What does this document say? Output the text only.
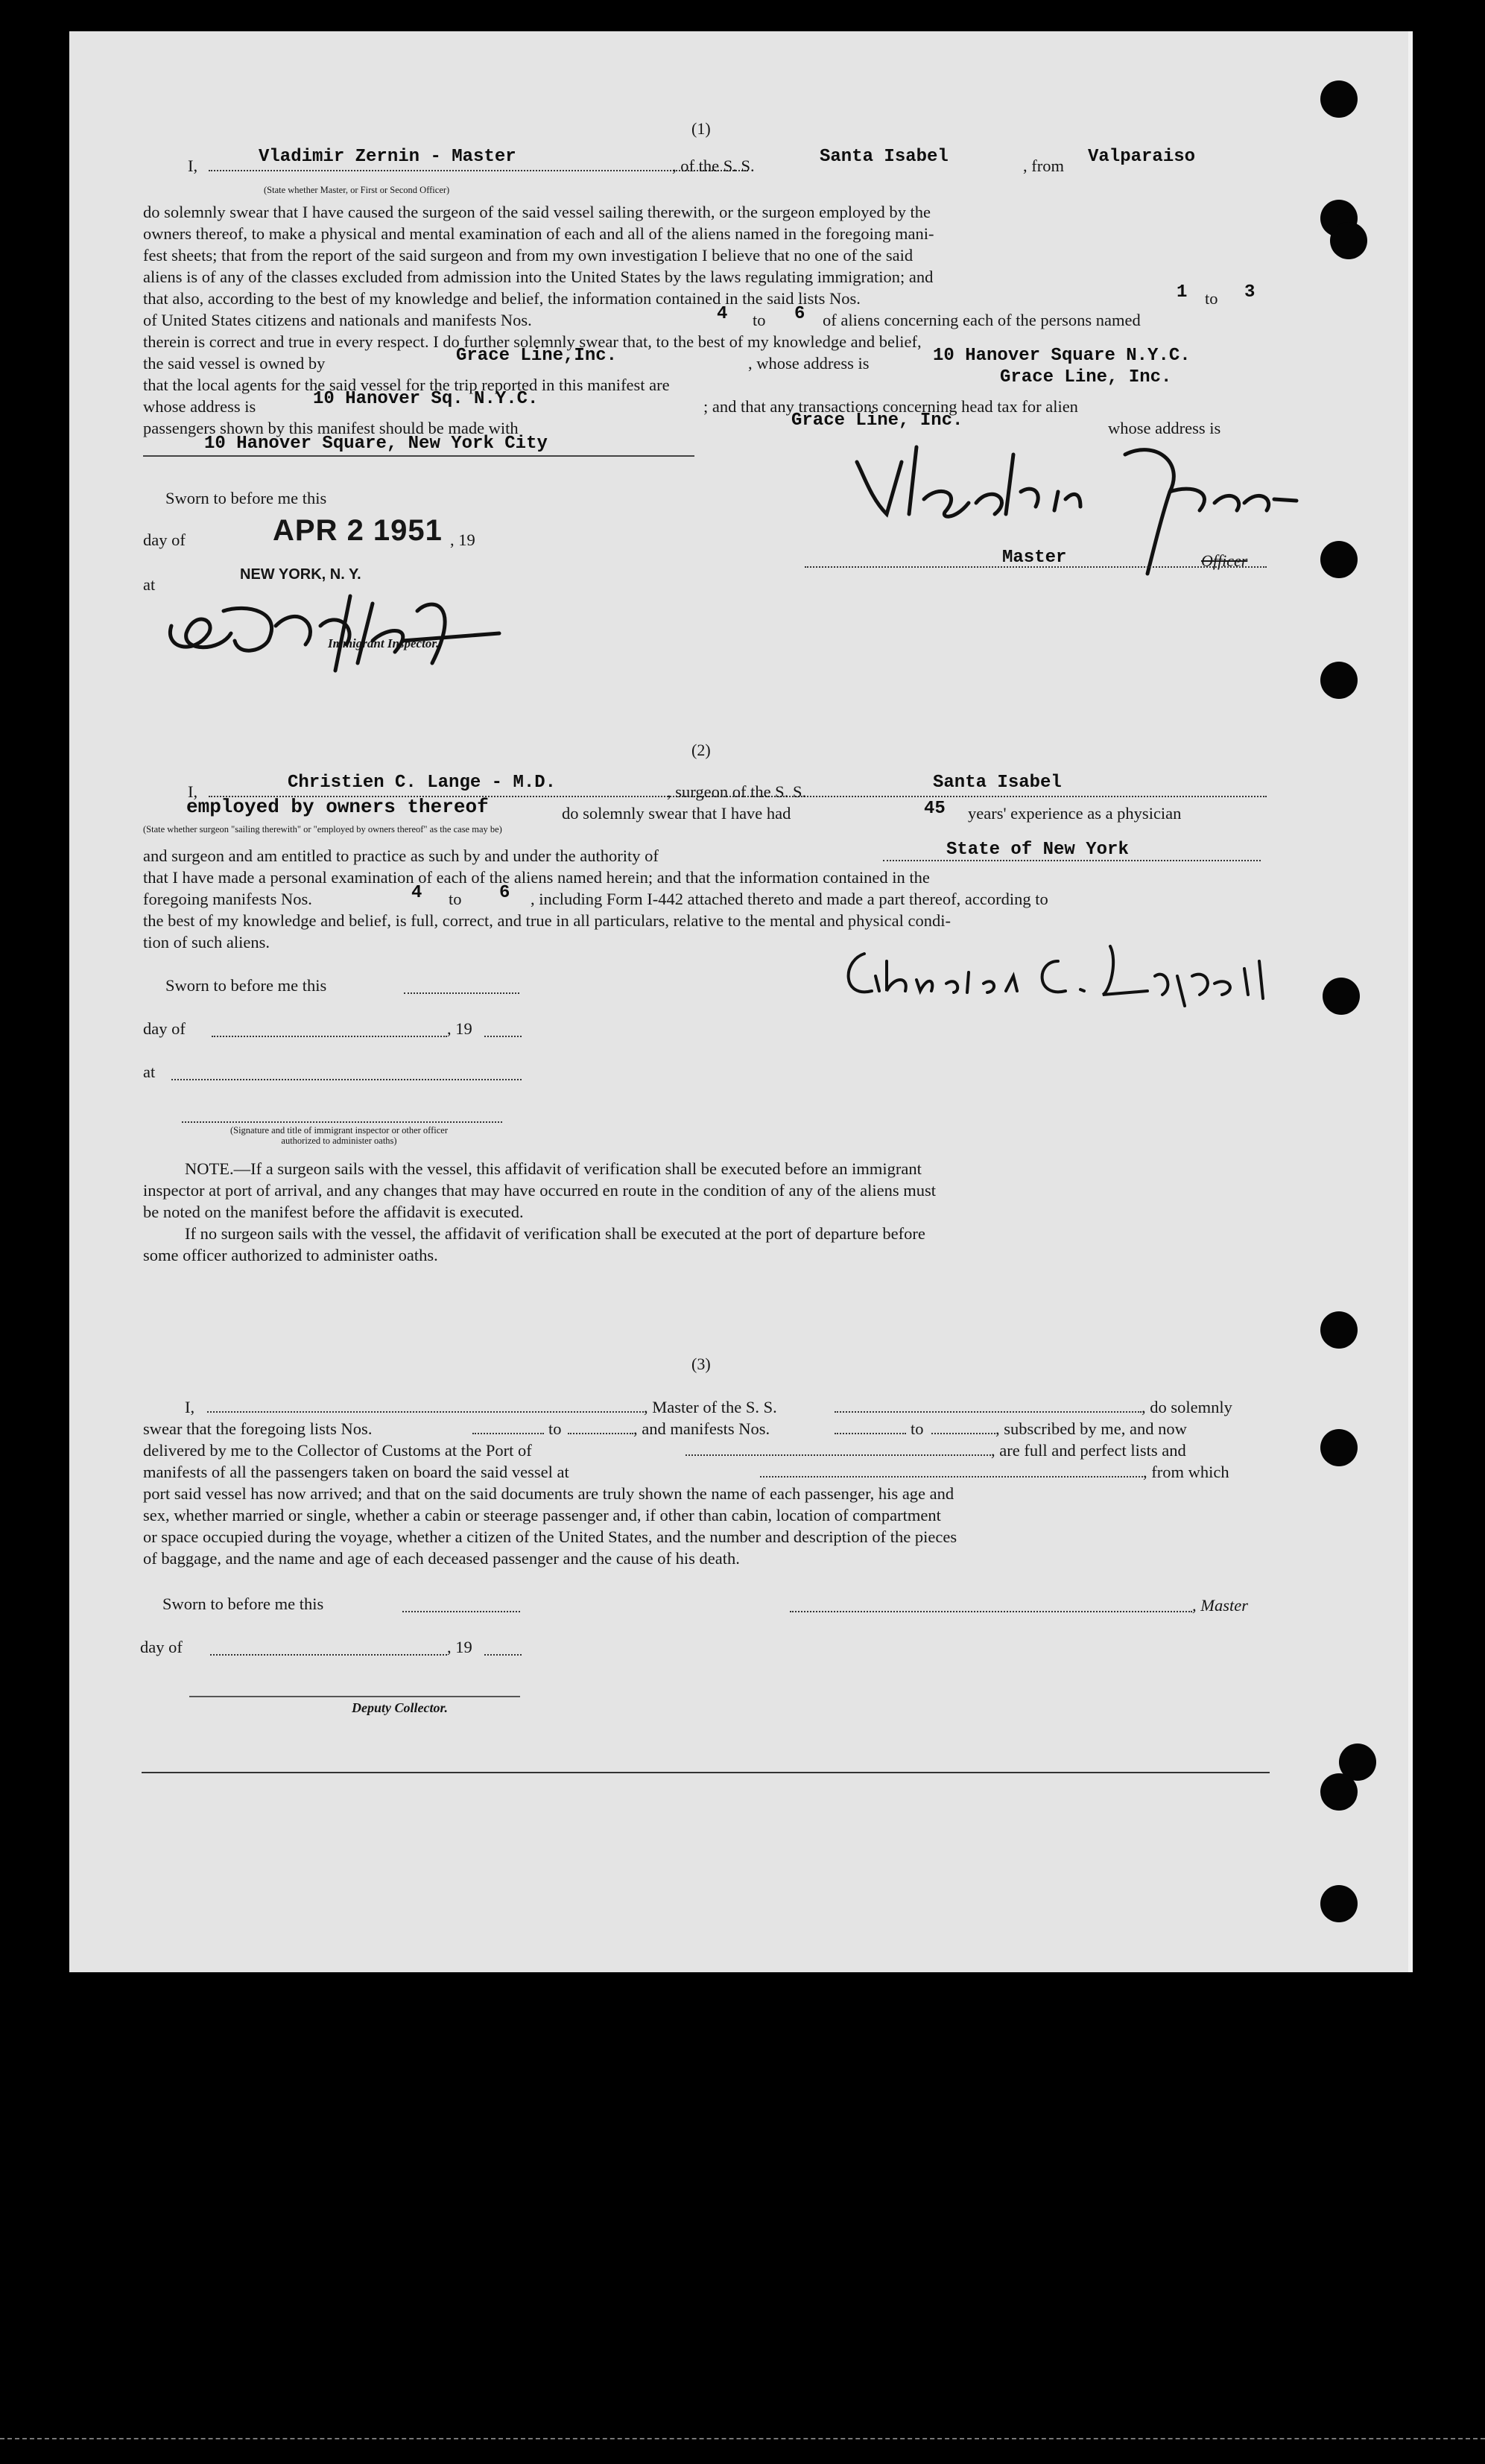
(1)
I,	Vladimir Zernin - Master	, of the S. S.	Santa Isabel	, from Valparaiso
(State whether Master, or First or Second Officer)
do solemnly swear that I have caused the surgeon of the said vessel sailing therewith, or the surgeon employed by the
owners thereof, to make a physical and mental examination of each and all of the aliens named in the foregoing mani-
fest sheets; that from the report of the said surgeon and from my own investigation I believe that no one of the said
aliens is of any of the classes excluded from admission into the United States by the laws regulating immigration; and
that also, according to the best of my knowledge and belief, the information contained in the said lists Nos.	1 to 3
of United States citizens and nationals and manifests Nos.	4 to 6 of aliens concerning each of the persons named
therein is correct and true in every respect. I do further solemnly swear that, to the best of my knowledge and belief,
the said vessel is owned by	Grace Line,Inc.	, whose address is	10 Hanover Square N.Y.C.
that the local agents for the said vessel for the trip reported in this manifest are	Grace Line, Inc.
whose address is	10 Hanover Sq. N.Y.C.	; and that any transactions concerning head tax for alien
passengers shown by this manifest should be made with	Grace Line, Inc.	whose address is
10 Hanover Square, New York City
Sworn to before me this
day of	APR 2 1951 , 19
at
NEW YORK, N. Y.
Immigrant Inspector.
Master	Officer
(2)
I,	Christien C. Lange - M.D.	, surgeon of the S. S.	Santa Isabel
employed by owners thereof	do solemnly swear that I have had	45 years' experience as a physician
(State whether surgeon "sailing therewith" or "employed by owners thereof" as the case may be)
and surgeon and am entitled to practice as such by and under the authority of	State of New York
that I have made a personal examination of each of the aliens named herein; and that the information contained in the
foregoing manifests Nos.	4 to 6 , including Form I-442 attached thereto and made a part thereof, according to
the best of my knowledge and belief, is full, correct, and true in all particulars, relative to the mental and physical condi-
tion of such aliens.
Sworn to before me this
day of	, 19
at
(Signature and title of immigrant inspector or other officer authorized to administer oaths)
NOTE.—If a surgeon sails with the vessel, this affidavit of verification shall be executed before an immigrant
inspector at port of arrival, and any changes that may have occurred en route in the condition of any of the aliens must
be noted on the manifest before the affidavit is executed.
If no surgeon sails with the vessel, the affidavit of verification shall be executed at the port of departure before
some officer authorized to administer oaths.
(3)
I,	, Master of the S. S.	, do solemnly
swear that the foregoing lists Nos.	to	, and manifests Nos.	to	, subscribed by me, and now
delivered by me to the Collector of Customs at the Port of	, are full and perfect lists and
manifests of all the passengers taken on board the said vessel at	, from which
port said vessel has now arrived; and that on the said documents are truly shown the name of each passenger, his age and
sex, whether married or single, whether a cabin or steerage passenger and, if other than cabin, location of compartment
or space occupied during the voyage, whether a citizen of the United States, and the number and description of the pieces
of baggage, and the name and age of each deceased passenger and the cause of his death.
Sworn to before me this	, Master
day of	, 19
Deputy Collector.
